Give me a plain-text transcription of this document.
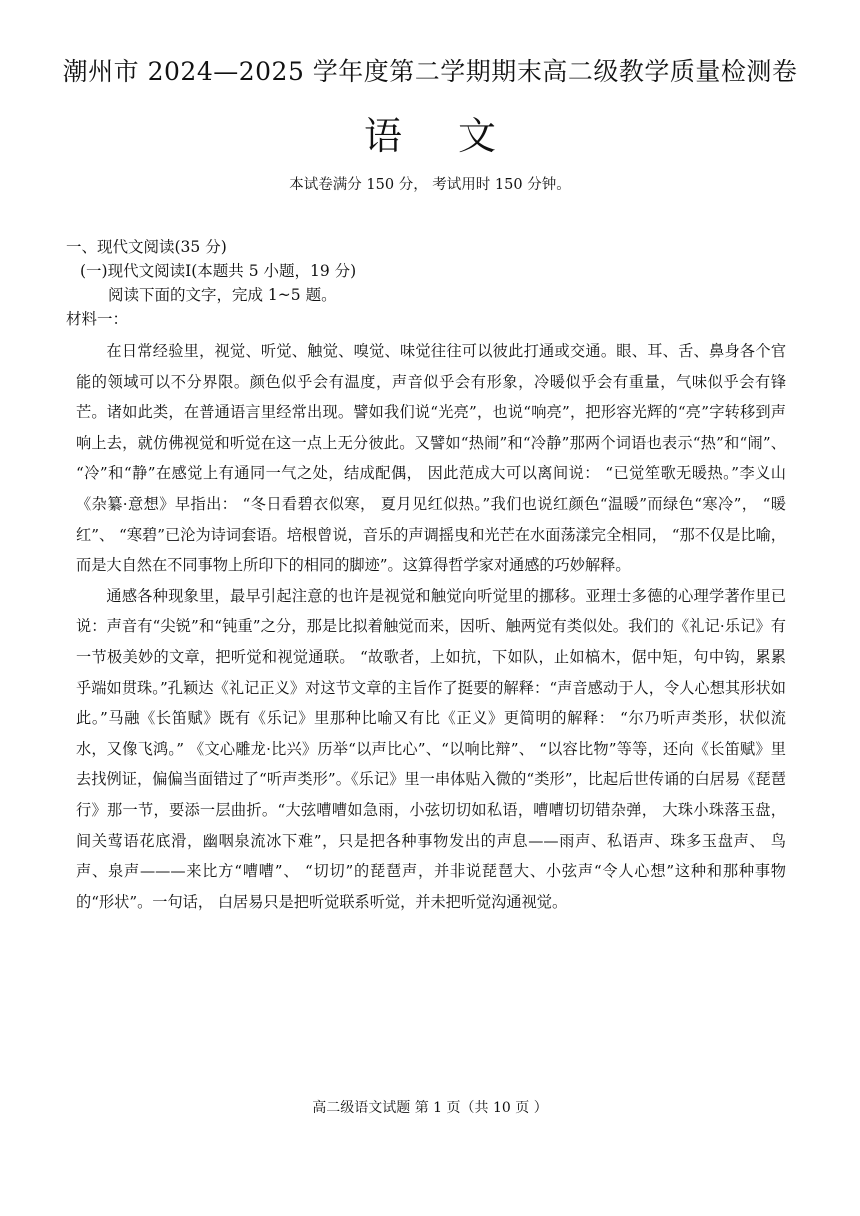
潮州市 2024—2025 学年度第二学期期末高二级教学质量检测卷
语 文
本试卷满分 150 分， 考试用时 150 分钟。
一、现代文阅读(35 分)
(一)现代文阅读Ⅰ(本题共 5 小题，19 分)
阅读下面的文字，完成 1~5 题。
材料一：

在日常经验里，视觉、听觉、触觉、嗅觉、味觉往往可以彼此打通或交通。眼、耳、舌、鼻身各个官能的领域可以不分界限。颜色似乎会有温度，声音似乎会有形象，冷暖似乎会有重量，气味似乎会有锋芒。诸如此类，在普通语言里经常出现。譬如我们说“光亮”，也说“响亮”，把形容光辉的“亮”字转移到声响上去，就仿佛视觉和听觉在这一点上无分彼此。又譬如“热闹”和“冷静”那两个词语也表示“热”和“闹”、 “冷”和“静”在感觉上有通同一气之处，结成配偶， 因此范成大可以离间说： “已觉笙歌无暖热。”李义山《杂纂·意想》早指出： “冬日看碧衣似寒， 夏月见红似热。”我们也说红颜色“温暖”而绿色“寒冷”， “暖红”、 “寒碧”已沦为诗词套语。培根曾说，音乐的声调摇曳和光芒在水面荡漾完全相同， “那不仅是比喻，而是大自然在不同事物上所印下的相同的脚迹”。这算得哲学家对通感的巧妙解释。

通感各种现象里，最早引起注意的也许是视觉和触觉向听觉里的挪移。亚理士多德的心理学著作里已说：声音有“尖锐”和“钝重”之分，那是比拟着触觉而来，因听、触两觉有类似处。我们的《礼记·乐记》有一节极美妙的文章，把听觉和视觉通联。 “故歌者，上如抗，下如队，止如槁木，倨中矩，句中钩，累累乎端如贯珠。”孔颖达《礼记正义》对这节文章的主旨作了挺要的解释：“声音感动于人，令人心想其形状如此。”马融《长笛赋》既有《乐记》里那种比喻又有比《正义》更简明的解释： “尔乃听声类形，状似流水，又像飞鸿。” 《文心雕龙·比兴》历举“以声比心”、“以响比辩”、 “以容比物”等等，还向《长笛赋》里去找例证，偏偏当面错过了“听声类形”。《乐记》里一串体贴入微的“类形”，比起后世传诵的白居易《琵琶行》那一节，要添一层曲折。“大弦嘈嘈如急雨，小弦切切如私语，嘈嘈切切错杂弹， 大珠小珠落玉盘，间关莺语花底滑，幽咽泉流冰下难”，只是把各种事物发出的声息——雨声、私语声、珠多玉盘声、 鸟声、泉声———来比方“嘈嘈”、 “切切”的琵琶声，并非说琵琶大、小弦声“令人心想”这种和那种事物的“形状”。一句话， 白居易只是把听觉联系听觉，并未把听觉沟通视觉。

高二级语文试题 第 1 页（共 10 页 ）
